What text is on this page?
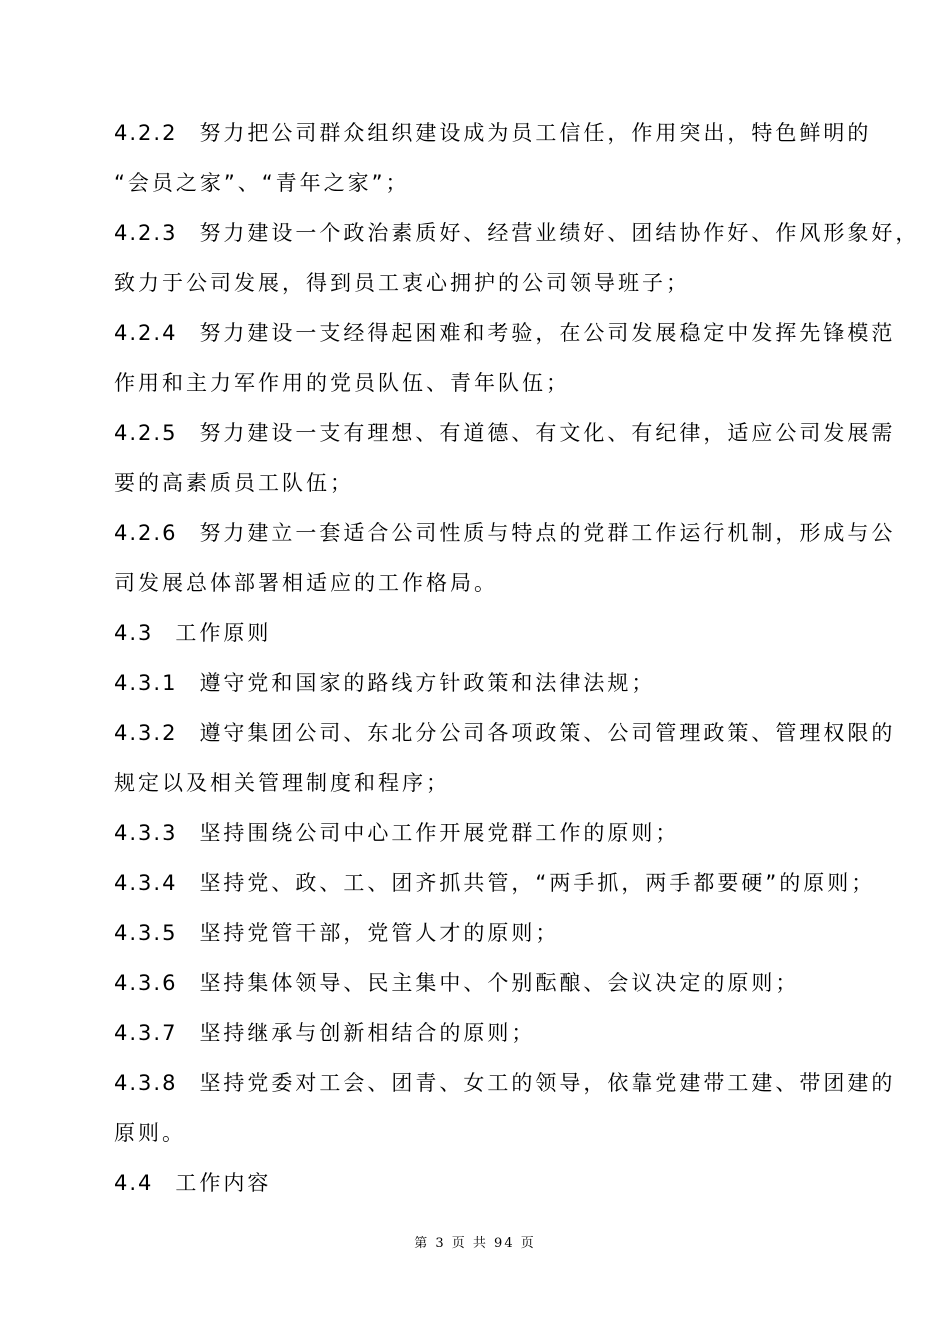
4.2.2 努力把公司群众组织建设成为员工信任，作用突出，特色鲜明的
“会员之家”、“青年之家”；
4.2.3 努力建设一个政治素质好、经营业绩好、团结协作好、作风形象好，
致力于公司发展，得到员工衷心拥护的公司领导班子；
4.2.4 努力建设一支经得起困难和考验，在公司发展稳定中发挥先锋模范
作用和主力军作用的党员队伍、青年队伍；
4.2.5 努力建设一支有理想、有道德、有文化、有纪律，适应公司发展需
要的高素质员工队伍；
4.2.6 努力建立一套适合公司性质与特点的党群工作运行机制，形成与公
司发展总体部署相适应的工作格局。
4.3 工作原则
4.3.1 遵守党和国家的路线方针政策和法律法规；
4.3.2 遵守集团公司、东北分公司各项政策、公司管理政策、管理权限的
规定以及相关管理制度和程序；
4.3.3 坚持围绕公司中心工作开展党群工作的原则；
4.3.4 坚持党、政、工、团齐抓共管，“两手抓，两手都要硬”的原则；
4.3.5 坚持党管干部，党管人才的原则；
4.3.6 坚持集体领导、民主集中、个别酝酿、会议决定的原则；
4.3.7 坚持继承与创新相结合的原则；
4.3.8 坚持党委对工会、团青、女工的领导，依靠党建带工建、带团建的
原则。
4.4 工作内容
第 3 页 共 94 页
